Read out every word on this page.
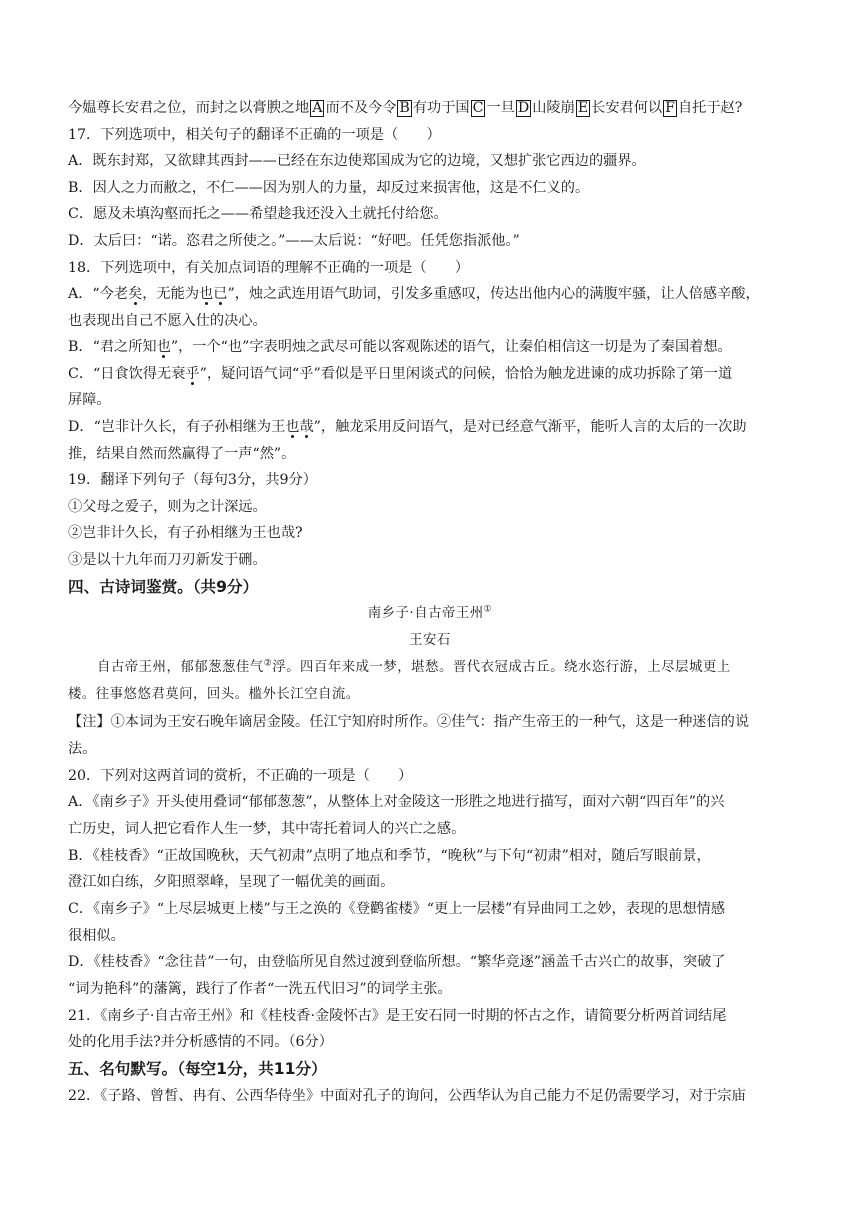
今媪尊长安君之位，而封之以膏腴之地 A 而不及今令 B 有功于国 C 一旦 D 山陵崩 E 长安君何以 F 自托于赵?
17．下列选项中，相关句子的翻译不正确的一项是（　　）
A．既东封郑，又欲肆其西封——已经在东边使郑国成为它的边境，又想扩张它西边的疆界。
B．因人之力而敝之，不仁——因为别人的力量，却反过来损害他，这是不仁义的。
C．愿及未填沟壑而托之——希望趁我还没入土就托付给您。
D．太后曰：“诺。恣君之所使之。”——太后说：“好吧。任凭您指派他。”
18．下列选项中，有关加点词语的理解不正确的一项是（　　）
A．“今老矣，无能为也已”，烛之武连用语气助词，引发多重感叹，传达出他内心的满腹牢骚，让人倍感辛酸，
也表现出自己不愿入仕的决心。
B．“君之所知也”，一个“也”字表明烛之武尽可能以客观陈述的语气，让秦伯相信这一切是为了秦国着想。
C．“日食饮得无衰乎”，疑问语气词“乎”看似是平日里闲谈式的问候，恰恰为触龙进谏的成功拆除了第一道
屏障。
D．“岂非计久长，有子孙相继为王也哉”，触龙采用反问语气，是对已经意气渐平，能听人言的太后的一次助
推，结果自然而然赢得了一声“然”。
19．翻译下列句子（每句3分，共9分）
①父母之爱子，则为之计深远。
②岂非计久长，有子孙相继为王也哉?
③是以十九年而刀刃新发于硎。
四、古诗词鉴赏。（共9分）
南乡子·自古帝王州①
王安石
自古帝王州，郁郁葱葱佳气②浮。四百年来成一梦，堪愁。晋代衣冠成古丘。绕水恣行游，上尽层城更上
楼。往事悠悠君莫问，回头。槛外长江空自流。
【注】①本词为王安石晚年谪居金陵。任江宁知府时所作。②佳气：指产生帝王的一种气，这是一种迷信的说
法。
20．下列对这两首词的赏析，不正确的一项是（　　）
A．《南乡子》开头使用叠词“郁郁葱葱”，从整体上对金陵这一形胜之地进行描写，面对六朝“四百年”的兴
亡历史，词人把它看作人生一梦，其中寄托着词人的兴亡之感。
B．《桂枝香》“正故国晚秋，天气初肃”点明了地点和季节，“晚秋”与下句“初肃”相对，随后写眼前景，
澄江如白练，夕阳照翠峰，呈现了一幅优美的画面。
C．《南乡子》“上尽层城更上楼”与王之涣的《登鹳雀楼》“更上一层楼”有异曲同工之妙，表现的思想情感
很相似。
D．《桂枝香》“念往昔”一句，由登临所见自然过渡到登临所想。“繁华竞逐”涵盖千古兴亡的故事，突破了
“词为艳科”的藩篱，践行了作者“一洗五代旧习”的词学主张。
21．《南乡子·自古帝王州》和《桂枝香·金陵怀古》是王安石同一时期的怀古之作，请简要分析两首词结尾
处的化用手法?并分析感情的不同。（6分）
五、名句默写。（每空1分，共11分）
22．《子路、曾皙、冉有、公西华侍坐》中面对孔子的询问，公西华认为自己能力不足仍需要学习，对于宗庙
